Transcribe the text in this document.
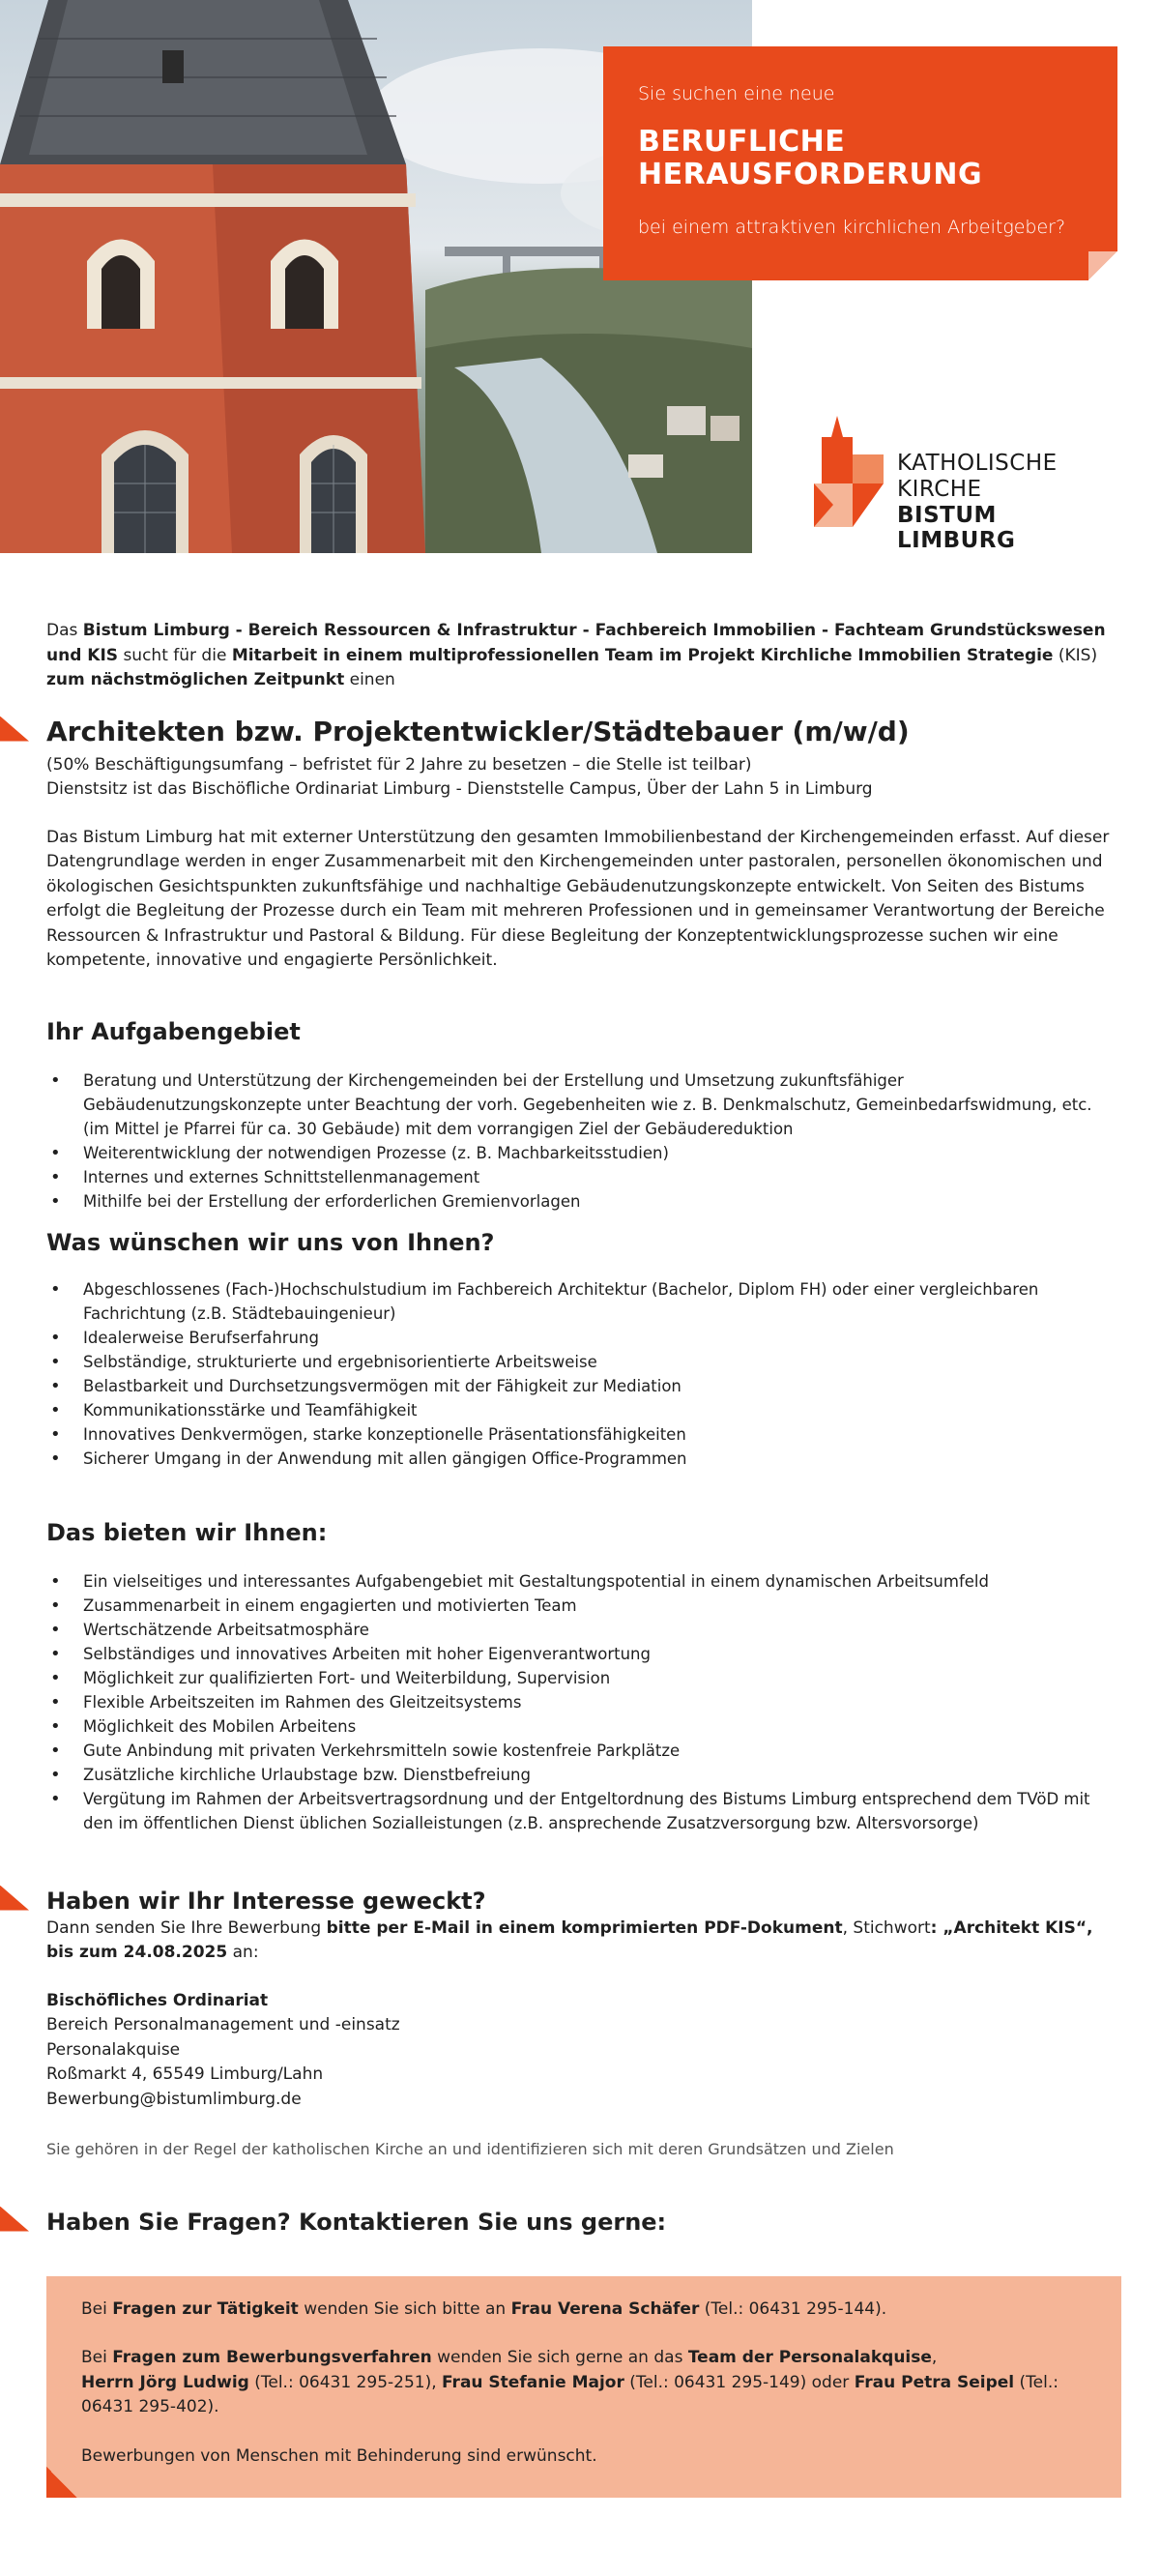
Sie suchen eine neue
BERUFLICHE
HERAUSFORDERUNG
bei einem attraktiven kirchlichen Arbeitgeber?
KATHOLISCHE
KIRCHE
BISTUM LIMBURG

Das Bistum Limburg - Bereich Ressourcen & Infrastruktur - Fachbereich Immobilien - Fachteam Grundstückswesen und KIS sucht für die Mitarbeit in einem multiprofessionellen Team im Projekt Kirchliche Immobilien Strategie (KIS) zum nächstmöglichen Zeitpunkt einen

Architekten bzw. Projektentwickler/Städtebauer (m/w/d)

(50% Beschäftigungsumfang – befristet für 2 Jahre zu besetzen – die Stelle ist teilbar)

Dienstsitz ist das Bischöfliche Ordinariat Limburg - Dienststelle Campus, Über der Lahn 5 in Limburg

Das Bistum Limburg hat mit externer Unterstützung den gesamten Immobilienbestand der Kirchengemeinden erfasst. Auf dieser Datengrundlage werden in enger Zusammenarbeit mit den Kirchengemeinden unter pastoralen, personellen ökonomischen und ökologischen Gesichtspunkten zukunftsfähige und nachhaltige Gebäudenutzungskonzepte entwickelt. Von Seiten des Bistums erfolgt die Begleitung der Prozesse durch ein Team mit mehreren Professionen und in gemeinsamer Verantwortung der Bereiche Ressourcen & Infrastruktur und Pastoral & Bildung. Für diese Begleitung der Konzeptentwicklungsprozesse suchen wir eine kompetente, innovative und engagierte Persönlichkeit.

Ihr Aufgabengebiet
• Beratung und Unterstützung der Kirchengemeinden bei der Erstellung und Umsetzung zukunftsfähiger Gebäudenutzungskonzepte unter Beachtung der vorh. Gegebenheiten wie z. B. Denkmalschutz, Gemeinbedarfswidmung, etc. (im Mittel je Pfarrei für ca. 30 Gebäude) mit dem vorrangigen Ziel der Gebäudereduktion
• Weiterentwicklung der notwendigen Prozesse (z. B. Machbarkeitsstudien)
• Internes und externes Schnittstellenmanagement
• Mithilfe bei der Erstellung der erforderlichen Gremienvorlagen
Was wünschen wir uns von Ihnen?
• Abgeschlossenes (Fach-)Hochschulstudium im Fachbereich Architektur (Bachelor, Diplom FH) oder einer vergleichbaren Fachrichtung (z.B. Städtebauingenieur)
• Idealerweise Berufserfahrung
• Selbständige, strukturierte und ergebnisorientierte Arbeitsweise
• Belastbarkeit und Durchsetzungsvermögen mit der Fähigkeit zur Mediation
• Kommunikationsstärke und Teamfähigkeit
• Innovatives Denkvermögen, starke konzeptionelle Präsentationsfähigkeiten
• Sicherer Umgang in der Anwendung mit allen gängigen Office-Programmen
Das bieten wir Ihnen:
• Ein vielseitiges und interessantes Aufgabengebiet mit Gestaltungspotential in einem dynamischen Arbeitsumfeld
• Zusammenarbeit in einem engagierten und motivierten Team
• Wertschätzende Arbeitsatmosphäre
• Selbständiges und innovatives Arbeiten mit hoher Eigenverantwortung
• Möglichkeit zur qualifizierten Fort- und Weiterbildung, Supervision
• Flexible Arbeitszeiten im Rahmen des Gleitzeitsystems
• Möglichkeit des Mobilen Arbeitens
• Gute Anbindung mit privaten Verkehrsmitteln sowie kostenfreie Parkplätze
• Zusätzliche kirchliche Urlaubstage bzw. Dienstbefreiung
• Vergütung im Rahmen der Arbeitsvertragsordnung und der Entgeltordnung des Bistums Limburg entsprechend dem TVöD mit den im öffentlichen Dienst üblichen Sozialleistungen (z.B. ansprechende Zusatzversorgung bzw. Altersvorsorge)
Haben wir Ihr Interesse geweckt?

Dann senden Sie Ihre Bewerbung bitte per E-Mail in einem komprimierten PDF-Dokument, Stichwort: „Architekt KIS“, bis zum 24.08.2025 an:

Bischöfliches Ordinariat
Bereich Personalmanagement und -einsatz
Personalakquise
Roßmarkt 4, 65549 Limburg/Lahn
Bewerbung@bistumlimburg.de

Sie gehören in der Regel der katholischen Kirche an und identifizieren sich mit deren Grundsätzen und Zielen

Haben Sie Fragen? Kontaktieren Sie uns gerne:

Bei Fragen zur Tätigkeit wenden Sie sich bitte an Frau Verena Schäfer (Tel.: 06431 295-144).

Bei Fragen zum Bewerbungsverfahren wenden Sie sich gerne an das Team der Personalakquise,
Herrn Jörg Ludwig (Tel.: 06431 295-251), Frau Stefanie Major (Tel.: 06431 295-149) oder Frau Petra Seipel (Tel.: 06431 295-402).

Bewerbungen von Menschen mit Behinderung sind erwünscht.
